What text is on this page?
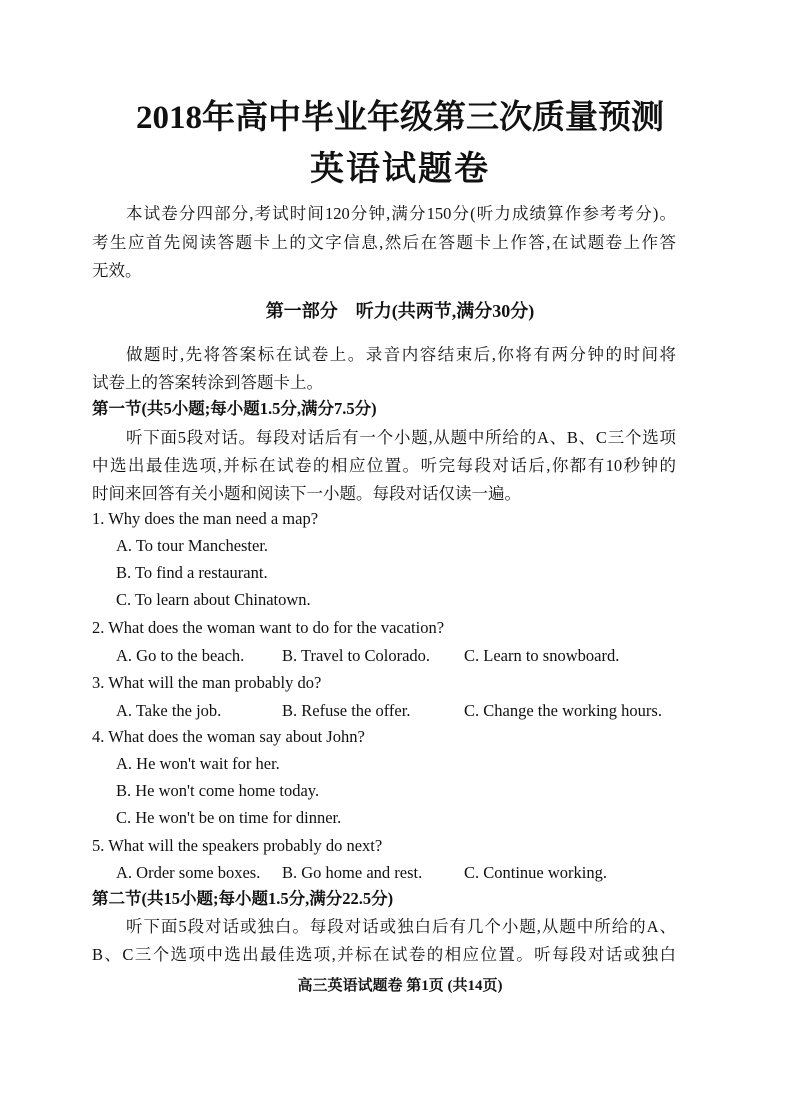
2018年高中毕业年级第三次质量预测
英语试题卷
本试卷分四部分,考试时间120分钟,满分150分(听力成绩算作参考考分)。
考生应首先阅读答题卡上的文字信息,然后在答题卡上作答,在试题卷上作答
无效。
第一部分　听力(共两节,满分30分)
做题时,先将答案标在试卷上。录音内容结束后,你将有两分钟的时间将
试卷上的答案转涂到答题卡上。
第一节(共5小题;每小题1.5分,满分7.5分)
听下面5段对话。每段对话后有一个小题,从题中所给的A、B、C三个选项
中选出最佳选项,并标在试卷的相应位置。听完每段对话后,你都有10秒钟的
时间来回答有关小题和阅读下一小题。每段对话仅读一遍。
1. Why does the man need a map?
A. To tour Manchester.
B. To find a restaurant.
C. To learn about Chinatown.
2. What does the woman want to do for the vacation?
A. Go to the beach. B. Travel to Colorado. C. Learn to snowboard.
3. What will the man probably do?
A. Take the job.	B. Refuse the offer.	C. Change the working hours.
4. What does the woman say about John?
A. He won't wait for her.
B. He won't come home today.
C. He won't be on time for dinner.
5. What will the speakers probably do next?
A. Order some boxes. B. Go home and rest.	C. Continue working.
第二节(共15小题;每小题1.5分,满分22.5分)
听下面5段对话或独白。每段对话或独白后有几个小题,从题中所给的A、
B、C三个选项中选出最佳选项,并标在试卷的相应位置。听每段对话或独白
高三英语试题卷 第1页 (共14页)
